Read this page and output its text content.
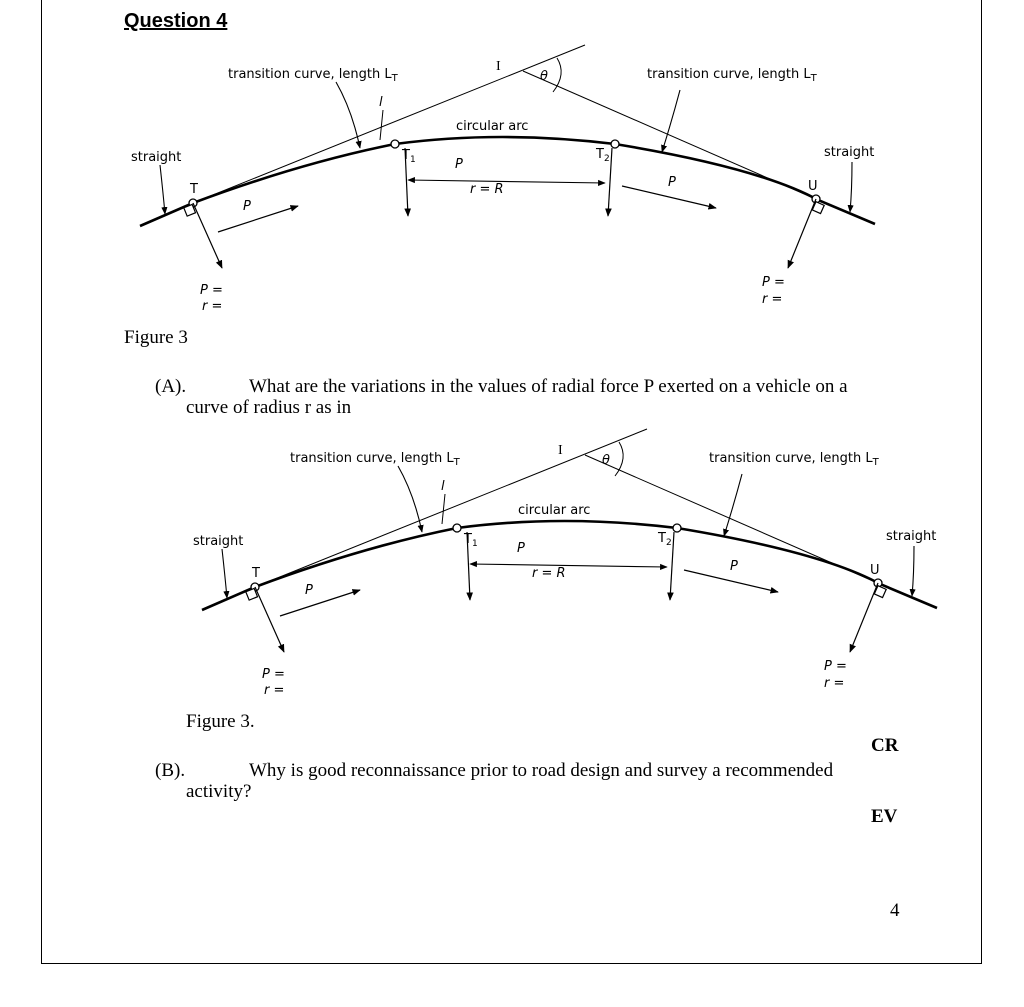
Question 4
transition curve, length $L_T$	transition curve, length $L_T$
l
I
θ
circular arc
straight	straight
T	U
$T_1$	$T_2$
P
r = R
P
P
P =
r =
P =
r =
Figure 3
(A).	What are the variations in the values of radial force P exerted on a vehicle on a
curve of radius r as in
transition curve, length $L_T$	transition curve, length $L_T$
l
I
θ
circular arc
straight	straight
T	U
$T_1$	$T_2$
P
r = R
P
P
P =
r =
P =
r =
Figure 3.
CR
(B).	Why is good reconnaissance prior to road design and survey a recommended
activity?
EV
4
